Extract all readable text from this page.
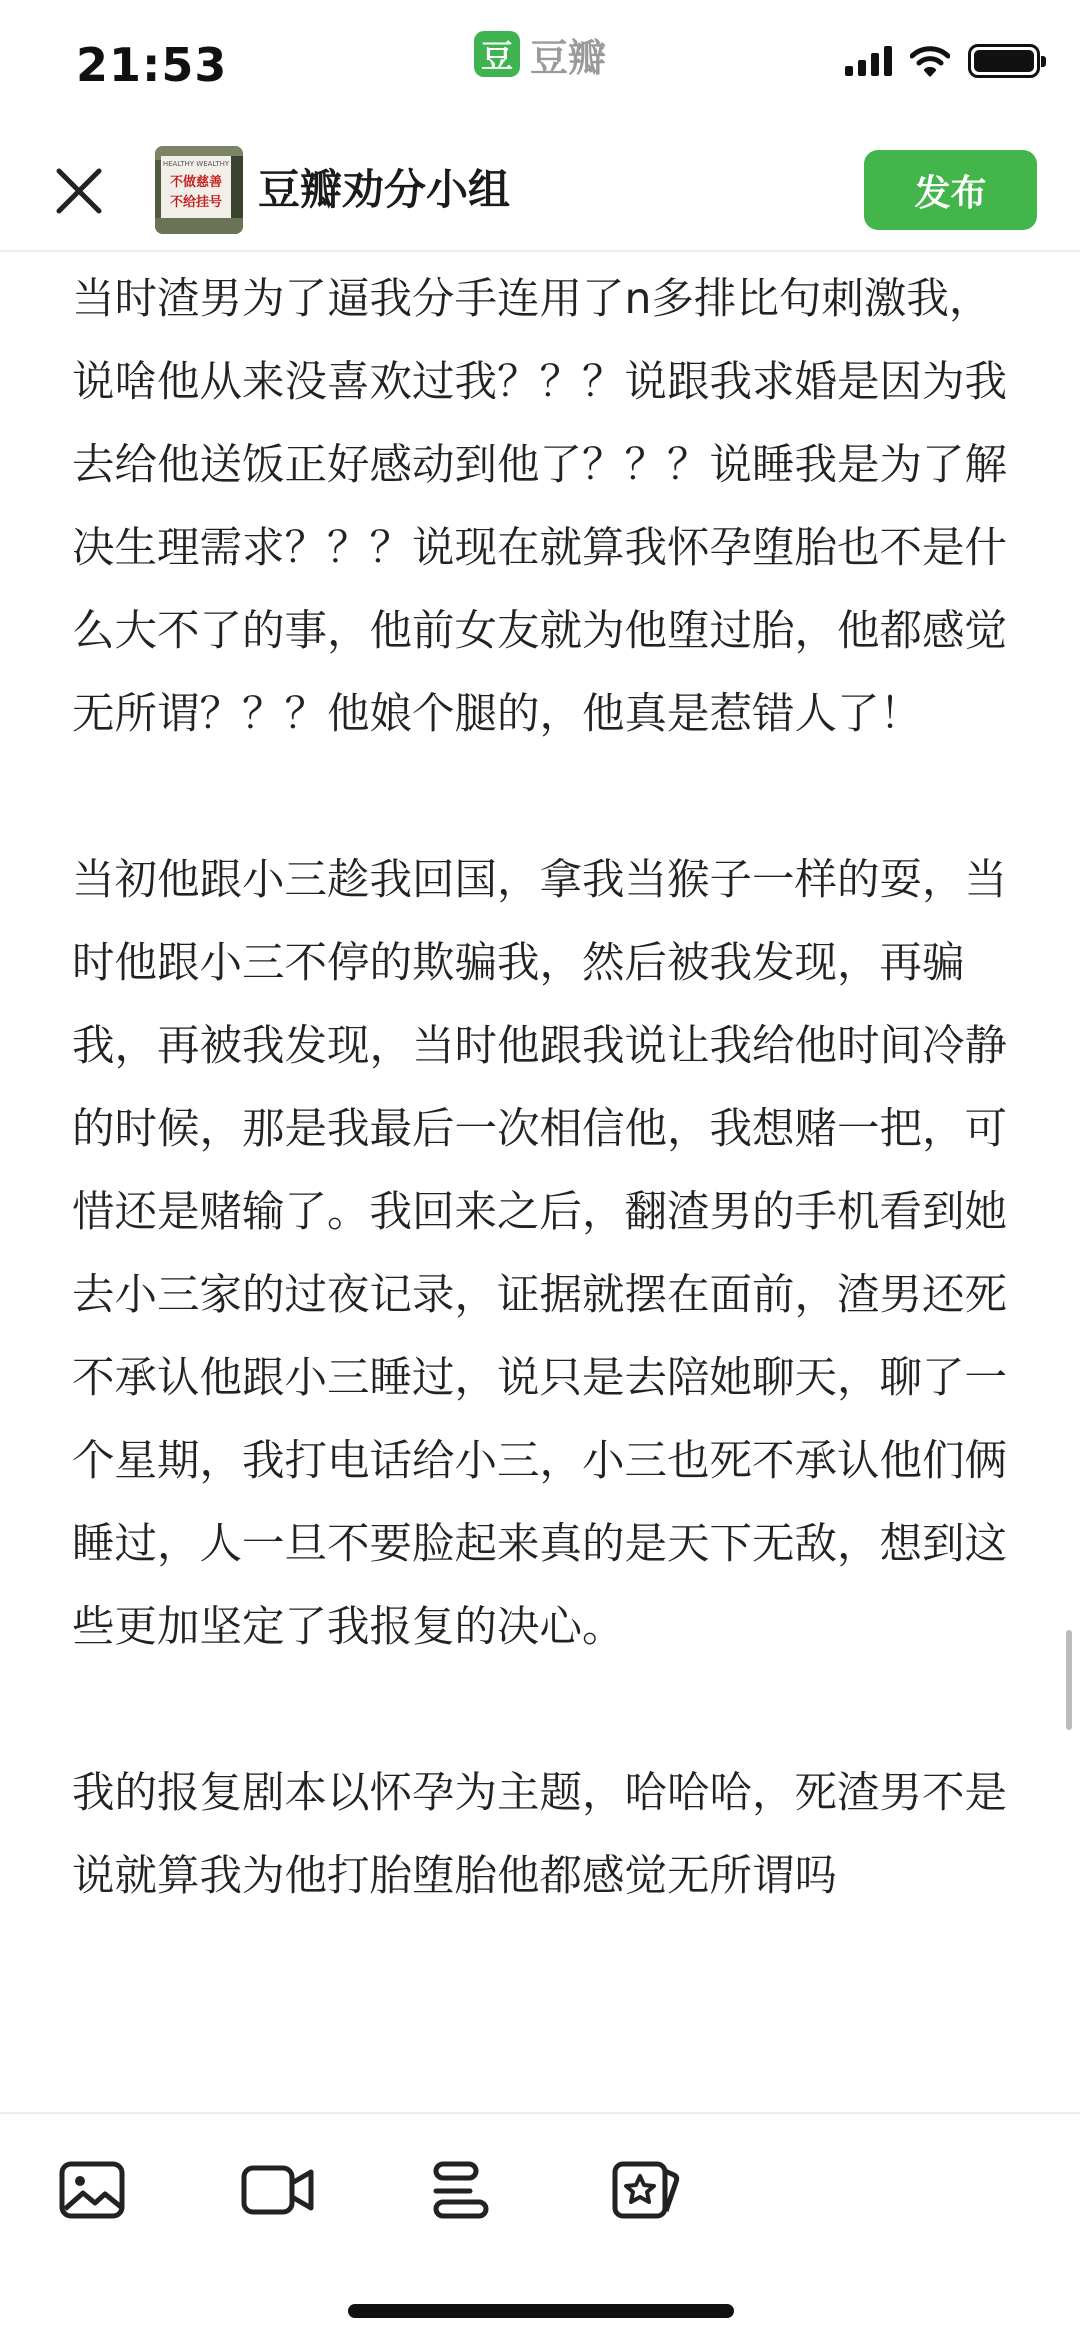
21:53	豆 豆瓣
HEALTHY WEALTHY
不做慈善
不给挂号 豆瓣劝分小组	发布

当时渣男为了逼我分手连用了n多排比句刺激我，说啥他从来没喜欢过我？？？说跟我求婚是因为我去给他送饭正好感动到他了？？？说睡我是为了解决生理需求？？？说现在就算我怀孕堕胎也不是什么大不了的事，他前女友就为他堕过胎，他都感觉无所谓？？？他娘个腿的，他真是惹错人了！

当初他跟小三趁我回国，拿我当猴子一样的耍，当时他跟小三不停的欺骗我，然后被我发现，再骗我，再被我发现，当时他跟我说让我给他时间冷静的时候，那是我最后一次相信他，我想赌一把，可惜还是赌输了。我回来之后，翻渣男的手机看到她去小三家的过夜记录，证据就摆在面前，渣男还死不承认他跟小三睡过，说只是去陪她聊天，聊了一个星期，我打电话给小三，小三也死不承认他们俩睡过，人一旦不要脸起来真的是天下无敌，想到这些更加坚定了我报复的决心。

我的报复剧本以怀孕为主题，哈哈哈，死渣男不是说就算我为他打胎堕胎他都感觉无所谓吗
